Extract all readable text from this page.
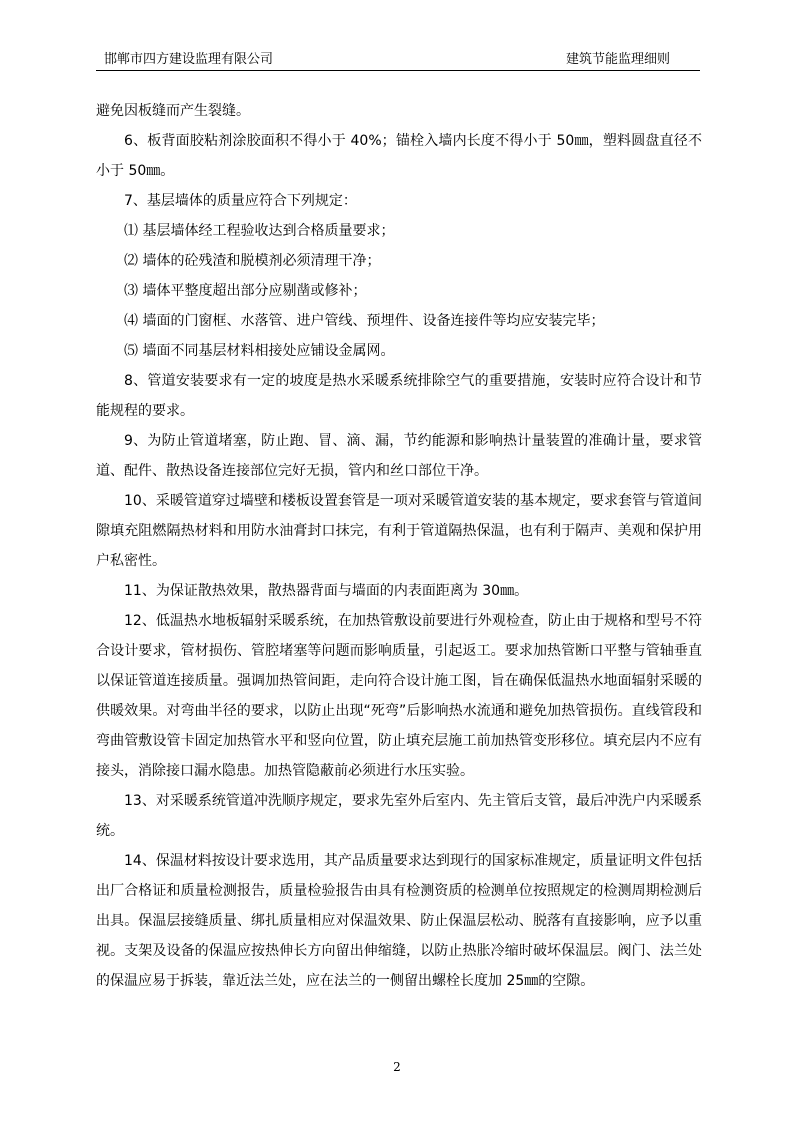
邯郸市四方建设监理有限公司	建筑节能监理细则

避免因板缝而产生裂缝。

6、板背面胶粘剂涂胶面积不得小于 40%；锚栓入墙内长度不得小于 50㎜，塑料圆盘直径不小于 50㎜。

7、基层墙体的质量应符合下列规定：

⑴ 基层墙体经工程验收达到合格质量要求；

⑵ 墙体的砼残渣和脱模剂必须清理干净；

⑶ 墙体平整度超出部分应剔凿或修补；

⑷ 墙面的门窗框、水落管、进户管线、预埋件、设备连接件等均应安装完毕；

⑸ 墙面不同基层材料相接处应铺设金属网。

8、管道安装要求有一定的坡度是热水采暖系统排除空气的重要措施，安装时应符合设计和节能规程的要求。

9、为防止管道堵塞，防止跑、冒、滴、漏，节约能源和影响热计量装置的准确计量，要求管道、配件、散热设备连接部位完好无损，管内和丝口部位干净。

10、采暖管道穿过墙壁和楼板设置套管是一项对采暖管道安装的基本规定，要求套管与管道间隙填充阻燃隔热材料和用防水油膏封口抹完，有利于管道隔热保温，也有利于隔声、美观和保护用户私密性。

11、为保证散热效果，散热器背面与墙面的内表面距离为 30㎜。

12、低温热水地板辐射采暖系统，在加热管敷设前要进行外观检查，防止由于规格和型号不符合设计要求，管材损伤、管腔堵塞等问题而影响质量，引起返工。要求加热管断口平整与管轴垂直以保证管道连接质量。强调加热管间距，走向符合设计施工图，旨在确保低温热水地面辐射采暖的供暖效果。对弯曲半径的要求，以防止出现“死弯”后影响热水流通和避免加热管损伤。直线管段和弯曲管敷设管卡固定加热管水平和竖向位置，防止填充层施工前加热管变形移位。填充层内不应有接头，消除接口漏水隐患。加热管隐蔽前必须进行水压实验。

13、对采暖系统管道冲洗顺序规定，要求先室外后室内、先主管后支管，最后冲洗户内采暖系统。

14、保温材料按设计要求选用，其产品质量要求达到现行的国家标准规定，质量证明文件包括出厂合格证和质量检测报告，质量检验报告由具有检测资质的检测单位按照规定的检测周期检测后出具。保温层接缝质量、绑扎质量相应对保温效果、防止保温层松动、脱落有直接影响，应予以重视。支架及设备的保温应按热伸长方向留出伸缩缝，以防止热胀冷缩时破坏保温层。阀门、法兰处的保温应易于拆装，靠近法兰处，应在法兰的一侧留出螺栓长度加 25㎜的空隙。

2
